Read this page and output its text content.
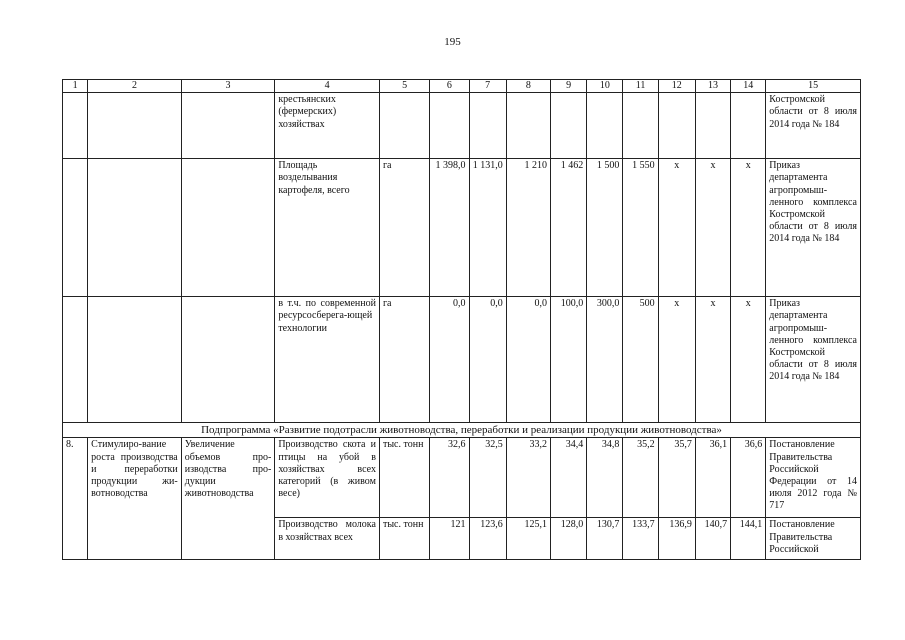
195
1	2	3	4	5	6	7	8	9	10	11	12	13	14	15
			крестьянских (фермерских) хозяйствах											Костромской области от 8 июля 2014 года № 184
			Площадь возделывания картофеля, всего	га	1 398,0	1 131,0	1 210	1 462	1 500	1 550	х	х	х	Приказ департамента агропромыш-ленного комплекса Костромской области от 8 июля 2014 года № 184
			в т.ч. по современной ресурсосберега-ющей технологии	га	0,0	0,0	0,0	100,0	300,0	500	х	х	х	Приказ департамента агропромыш-ленного комплекса Костромской области от 8 июля 2014 года № 184
Подпрограмма «Развитие подотрасли животноводства, переработки и реализации продукции животноводства»														
8.	Стимулиро-вание роста производства и переработки продукции жи-вотноводства	Увеличение объемов про-изводства про-дукции животноводства	Производство скота и птицы на убой в хозяйствах всех категорий (в живом весе)	тыс. тонн	32,6	32,5	33,2	34,4	34,8	35,2	35,7	36,1	36,6	Постановление Правительства Российской Федерации от 14 июля 2012 года № 717
			Производство молока в хозяйствах всех	тыс. тонн	121	123,6	125,1	128,0	130,7	133,7	136,9	140,7	144,1	Постановление Правительства Российской
